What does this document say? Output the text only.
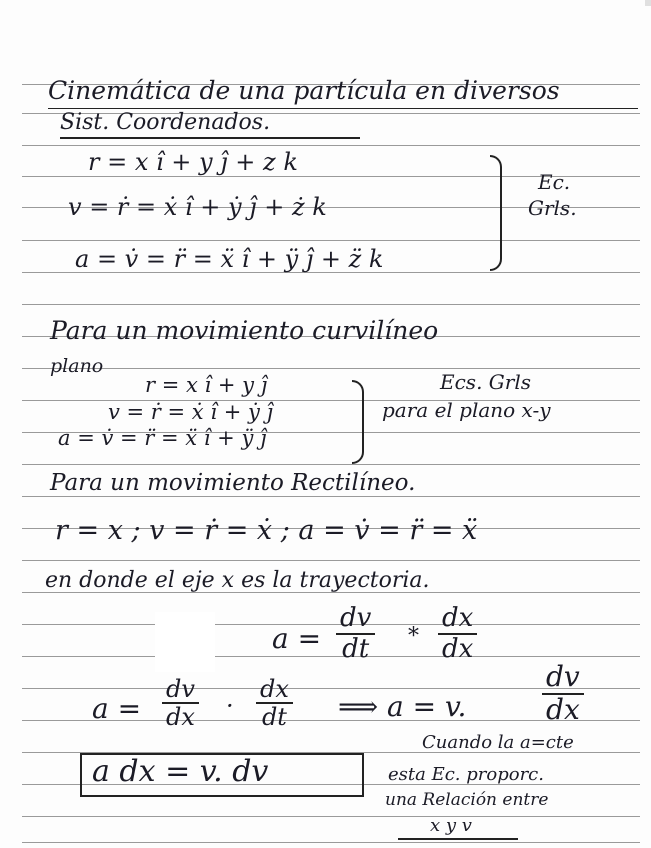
Cinemática de una partícula en diversos
Sist. Coordenados.
r = x î + y ĵ + z k
v = ṙ = ẋ î + ẏ ĵ + ż k
a = v̇ = r̈ = ẍ î + ÿ ĵ + z̈ k
Ec.
Grls.
Para un movimiento curvilíneo
plano
r = x î + y ĵ
v = ṙ = ẋ î + ẏ ĵ
a = v̇ = r̈ = ẍ î + ÿ ĵ
Ecs. Grls
para el plano x-y
Para un movimiento Rectilíneo.
r = x ; v = ṙ = ẋ ; a = v̇ = r̈ = ẍ
en donde el eje x es la trayectoria.
$a = \frac{dv}{dt} * \frac{dx}{dx}$
$a = \frac{dv}{dx} \cdot \frac{dx}{dt}$ ⟹ a = v.	$\frac{dv}{dx}$
a dx = v. dv
Cuando la a=cte
esta Ec. proporc.
una Relación entre
x y v
